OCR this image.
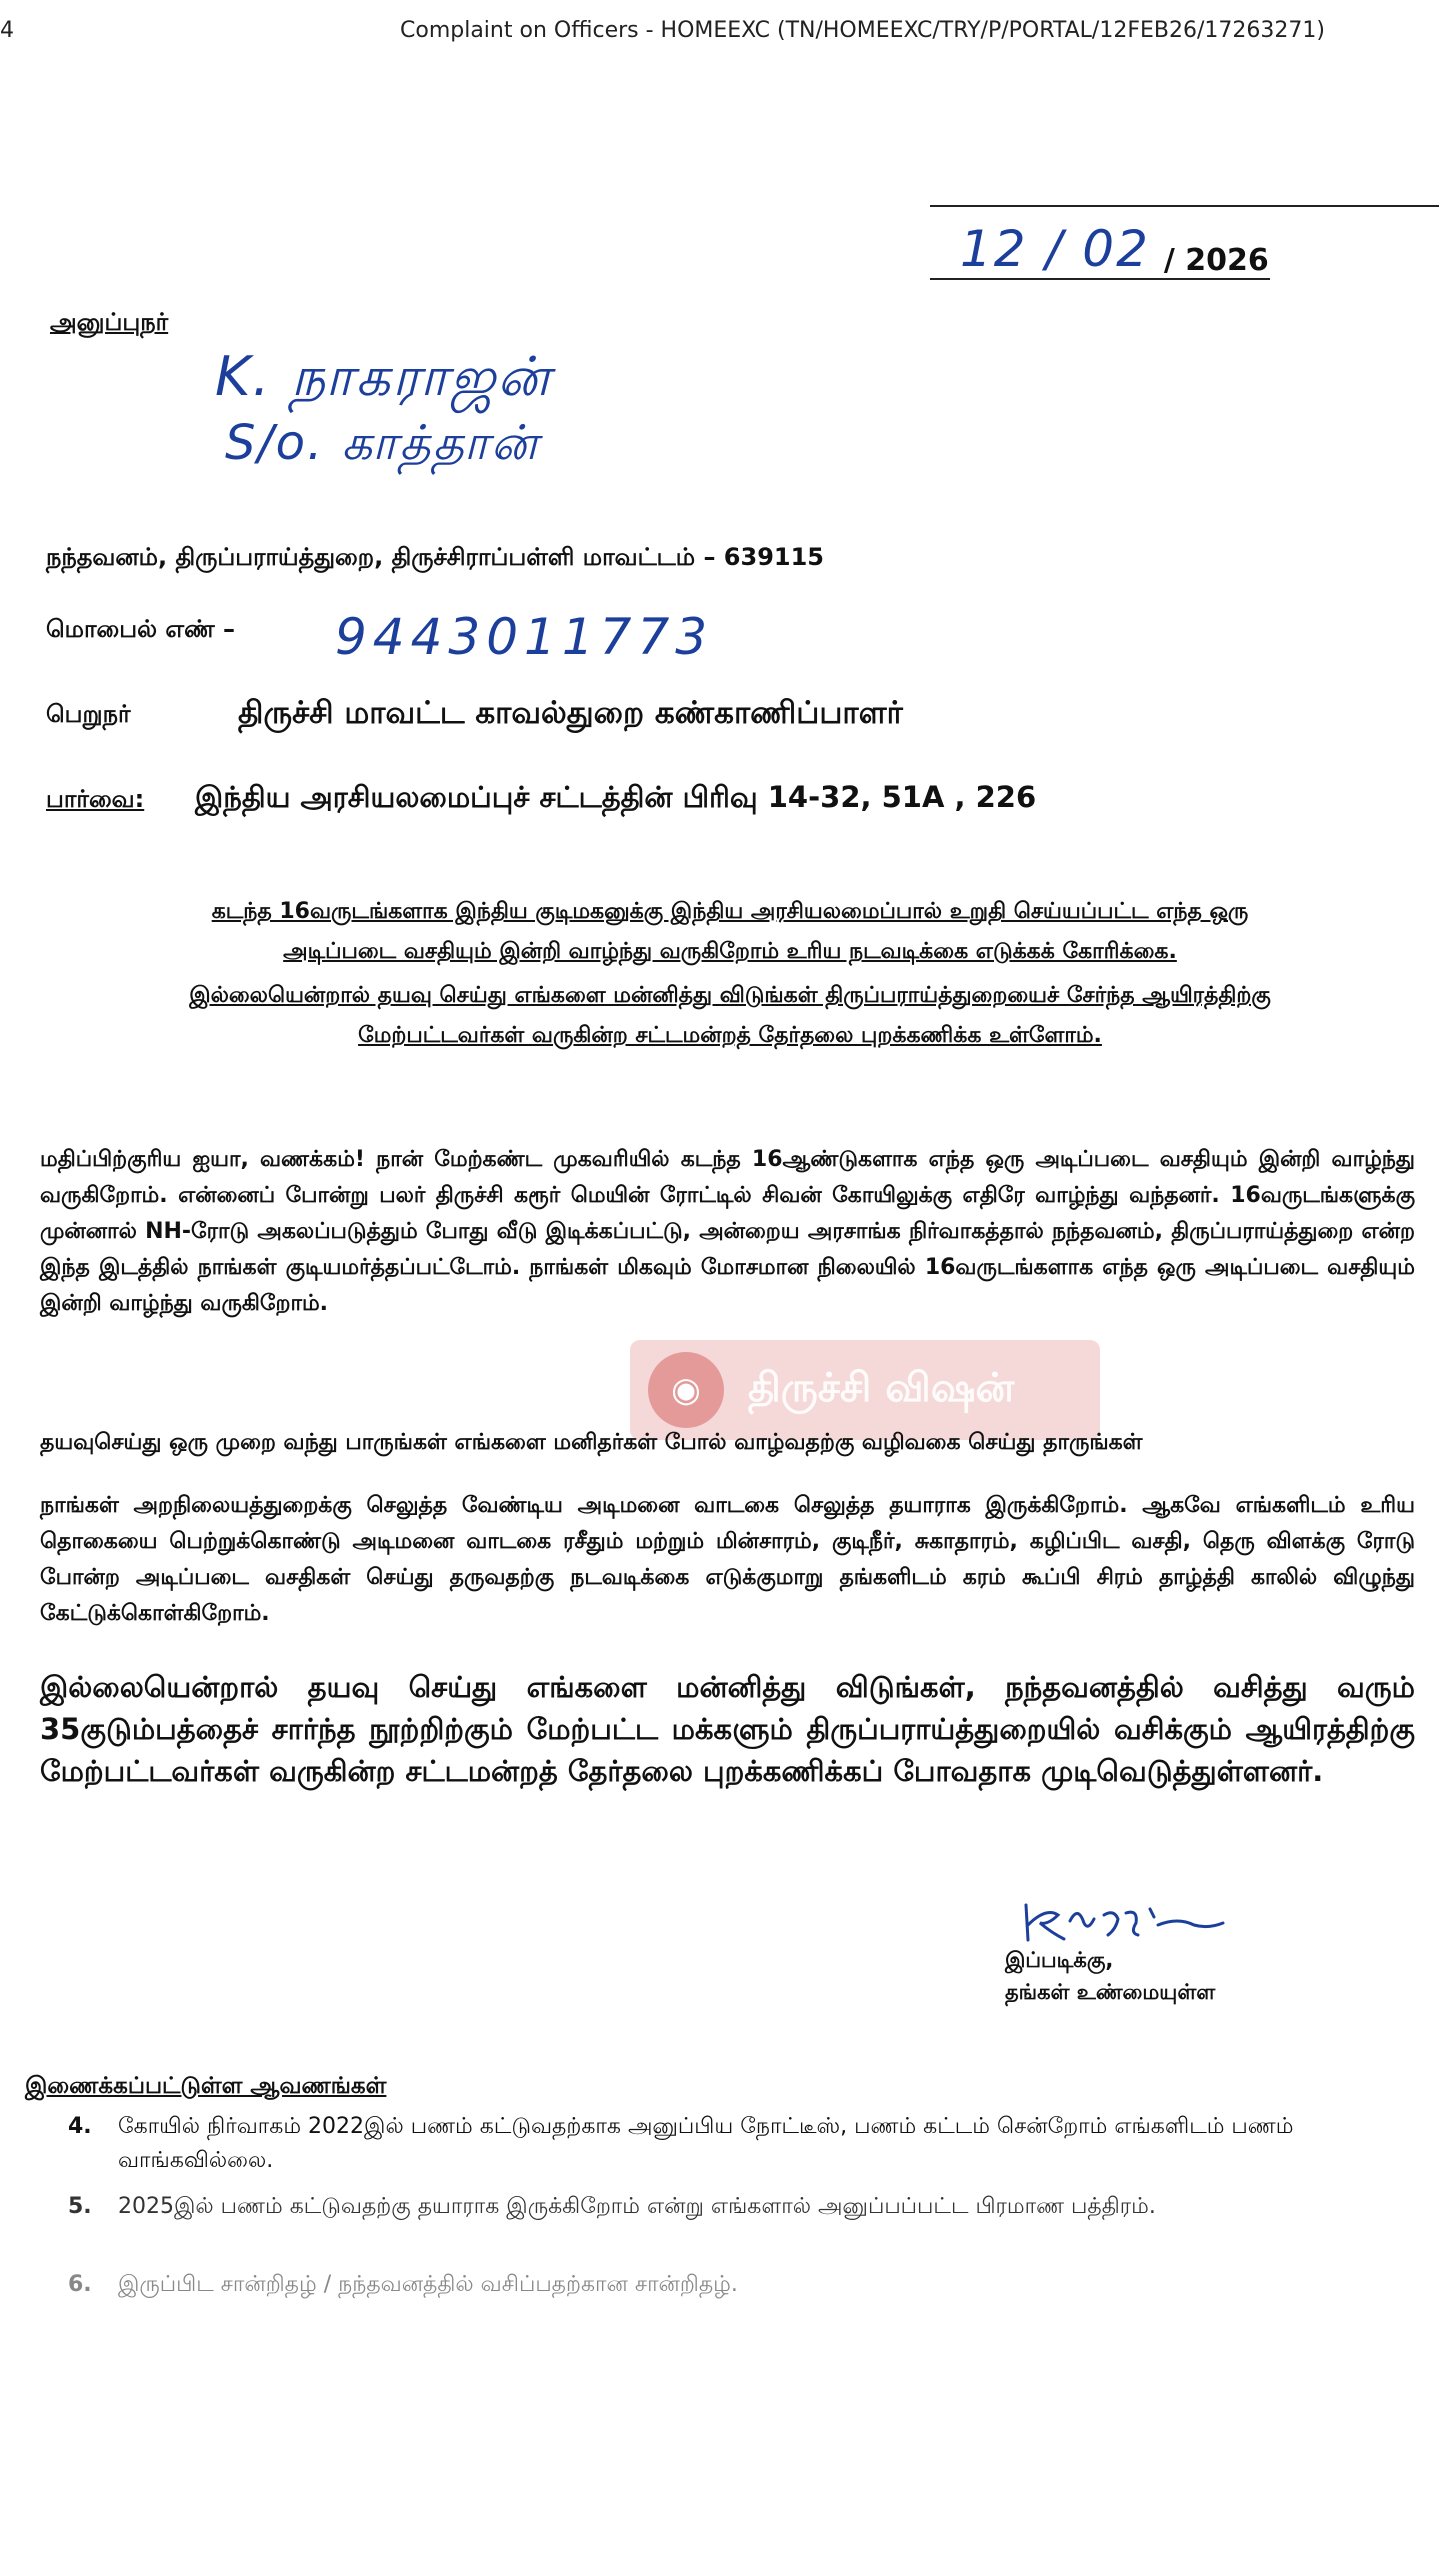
4	Complaint on Officers - HOMEEXC (TN/HOMEEXC/TRY/P/PORTAL/12FEB26/17263271)
12 / 02 / 2026
அனுப்புநர்
K. நாகராஜன்
S/o. காத்தான்
நந்தவனம், திருப்பராய்த்துறை, திருச்சிராப்பள்ளி மாவட்டம் – 639115
மொபைல் எண் – 9443011773
பெறுநர்	திருச்சி மாவட்ட காவல்துறை கண்காணிப்பாளர்
பார்வை: இந்திய அரசியலமைப்புச் சட்டத்தின் பிரிவு 14-32, 51A , 226
கடந்த 16வருடங்களாக இந்திய குடிமகனுக்கு இந்திய அரசியலமைப்பால் உறுதி செய்யப்பட்ட எந்த ஒரு
அடிப்படை வசதியும் இன்றி வாழ்ந்து வருகிறோம் உரிய நடவடிக்கை எடுக்கக் கோரிக்கை.
இல்லையென்றால் தயவு செய்து எங்களை மன்னித்து விடுங்கள் திருப்பராய்த்துறையைச் சேர்ந்த ஆயிரத்திற்கு
மேற்பட்டவர்கள் வருகின்ற சட்டமன்றத் தேர்தலை புறக்கணிக்க உள்ளோம்.
மதிப்பிற்குரிய ஐயா, வணக்கம்! நான் மேற்கண்ட முகவரியில் கடந்த 16ஆண்டுகளாக எந்த ஒரு அடிப்படை வசதியும் இன்றி வாழ்ந்து வருகிறோம். என்னைப் போன்று பலர் திருச்சி கரூர் மெயின் ரோட்டில் சிவன் கோயிலுக்கு எதிரே வாழ்ந்து வந்தனர். 16வருடங்களுக்கு முன்னால் NH-ரோடு அகலப்படுத்தும் போது வீடு இடிக்கப்பட்டு, அன்றைய அரசாங்க நிர்வாகத்தால் நந்தவனம், திருப்பராய்த்துறை என்ற இந்த இடத்தில் நாங்கள் குடியமர்த்தப்பட்டோம். நாங்கள் மிகவும் மோசமான நிலையில் 16வருடங்களாக எந்த ஒரு அடிப்படை வசதியும் இன்றி வாழ்ந்து வருகிறோம்.
◉	திருச்சி விஷன்
தயவுசெய்து ஒரு முறை வந்து பாருங்கள் எங்களை மனிதர்கள் போல் வாழ்வதற்கு வழிவகை செய்து தாருங்கள்
நாங்கள் அறநிலையத்துறைக்கு செலுத்த வேண்டிய அடிமனை வாடகை செலுத்த தயாராக இருக்கிறோம். ஆகவே எங்களிடம் உரிய தொகையை பெற்றுக்கொண்டு அடிமனை வாடகை ரசீதும் மற்றும் மின்சாரம், குடிநீர், சுகாதாரம், கழிப்பிட வசதி, தெரு விளக்கு ரோடு போன்ற அடிப்படை வசதிகள் செய்து தருவதற்கு நடவடிக்கை எடுக்குமாறு தங்களிடம் கரம் கூப்பி சிரம் தாழ்த்தி காலில் விழுந்து கேட்டுக்கொள்கிறோம்.
இல்லையென்றால் தயவு செய்து எங்களை மன்னித்து விடுங்கள், நந்தவனத்தில் வசித்து வரும் 35குடும்பத்தைச் சார்ந்த நூற்றிற்கும் மேற்பட்ட மக்களும் திருப்பராய்த்துறையில் வசிக்கும் ஆயிரத்திற்கு மேற்பட்டவர்கள் வருகின்ற சட்டமன்றத் தேர்தலை புறக்கணிக்கப் போவதாக முடிவெடுத்துள்ளனர்.
இப்படிக்கு,
தங்கள் உண்மையுள்ள
இணைக்கப்பட்டுள்ள ஆவணங்கள்
4.	கோயில் நிர்வாகம் 2022இல் பணம் கட்டுவதற்காக அனுப்பிய நோட்டீஸ், பணம் கட்டம் சென்றோம் எங்களிடம் பணம் வாங்கவில்லை.
5.	2025இல் பணம் கட்டுவதற்கு தயாராக இருக்கிறோம் என்று எங்களால் அனுப்பப்பட்ட பிரமாண பத்திரம்.
6.	இருப்பிட சான்றிதழ் / நந்தவனத்தில் வசிப்பதற்கான சான்றிதழ்.
